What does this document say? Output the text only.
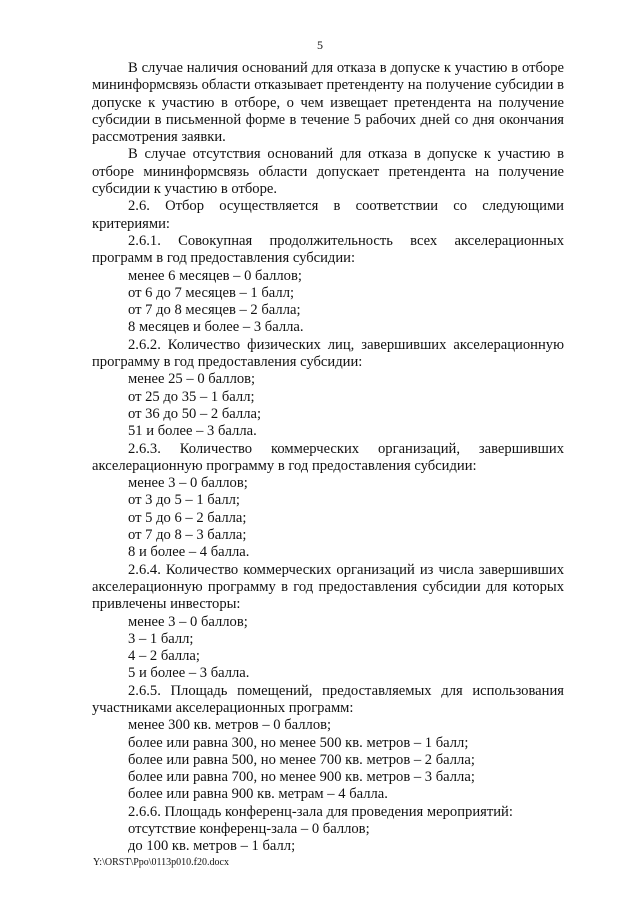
5

В случае наличия оснований для отказа в допуске к участию в отборе мининформсвязь области отказывает претенденту на получение субсидии в допуске к участию в отборе, о чем извещает претендента на получение субсидии в письменной форме в течение 5 рабочих дней со дня окончания рассмотрения заявки.

В случае отсутствия оснований для отказа в допуске к участию в отборе мининформсвязь области допускает претендента на получение субсидии к участию в отборе.

2.6. Отбор осуществляется в соответствии со следующими критериями:

2.6.1. Совокупная продолжительность всех акселерационных программ в год предоставления субсидии:

менее 6 месяцев – 0 баллов;

от 6 до 7 месяцев – 1 балл;

от 7 до 8 месяцев – 2 балла;

8 месяцев и более – 3 балла.

2.6.2. Количество физических лиц, завершивших акселерационную программу в год предоставления субсидии:

менее 25 – 0 баллов;

от 25 до 35 – 1 балл;

от 36 до 50 – 2 балла;

51 и более – 3 балла.

2.6.3. Количество коммерческих организаций, завершивших акселерационную программу в год предоставления субсидии:

менее 3 – 0 баллов;

от 3 до 5 – 1 балл;

от 5 до 6 – 2 балла;

от 7 до 8 – 3 балла;

8 и более – 4 балла.

2.6.4. Количество коммерческих организаций из числа завершивших акселерационную программу в год предоставления субсидии для которых привлечены инвесторы:

менее 3 – 0 баллов;

3 – 1 балл;

4 – 2 балла;

5 и более – 3 балла.

2.6.5. Площадь помещений, предоставляемых для использования участниками акселерационных программ:

менее 300 кв. метров – 0 баллов;

более или равна 300, но менее 500 кв. метров – 1 балл;

более или равна 500, но менее 700 кв. метров – 2 балла;

более или равна 700, но менее 900 кв. метров – 3 балла;

более или равна 900 кв. метрам – 4 балла.

2.6.6. Площадь конференц-зала для проведения мероприятий:

отсутствие конференц-зала – 0 баллов;

до 100 кв. метров – 1 балл;

Y:\ORST\Ppo\0113p010.f20.docx
